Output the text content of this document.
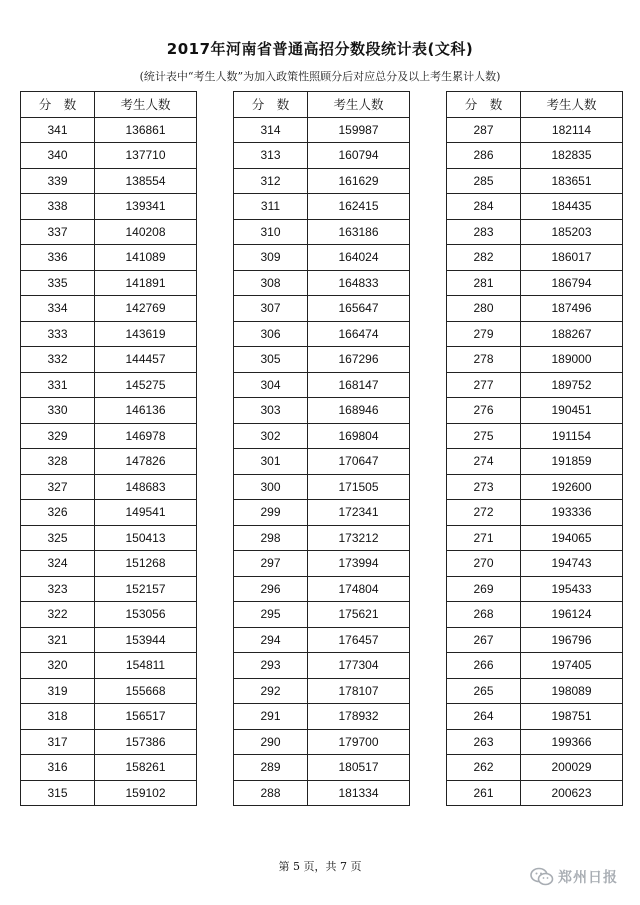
2017年河南省普通高招分数段统计表(文科)
(统计表中“考生人数”为加入政策性照顾分后对应总分及以上考生累计人数)
分　数	考生人数
341	136861
340	137710
339	138554
338	139341
337	140208
336	141089
335	141891
334	142769
333	143619
332	144457
331	145275
330	146136
329	146978
328	147826
327	148683
326	149541
325	150413
324	151268
323	152157
322	153056
321	153944
320	154811
319	155668
318	156517
317	157386
316	158261
315	159102
分　数	考生人数
314	159987
313	160794
312	161629
311	162415
310	163186
309	164024
308	164833
307	165647
306	166474
305	167296
304	168147
303	168946
302	169804
301	170647
300	171505
299	172341
298	173212
297	173994
296	174804
295	175621
294	176457
293	177304
292	178107
291	178932
290	179700
289	180517
288	181334
分　数	考生人数
287	182114
286	182835
285	183651
284	184435
283	185203
282	186017
281	186794
280	187496
279	188267
278	189000
277	189752
276	190451
275	191154
274	191859
273	192600
272	193336
271	194065
270	194743
269	195433
268	196124
267	196796
266	197405
265	198089
264	198751
263	199366
262	200029
261	200623
第 5 页，共 7 页
郑州日报
